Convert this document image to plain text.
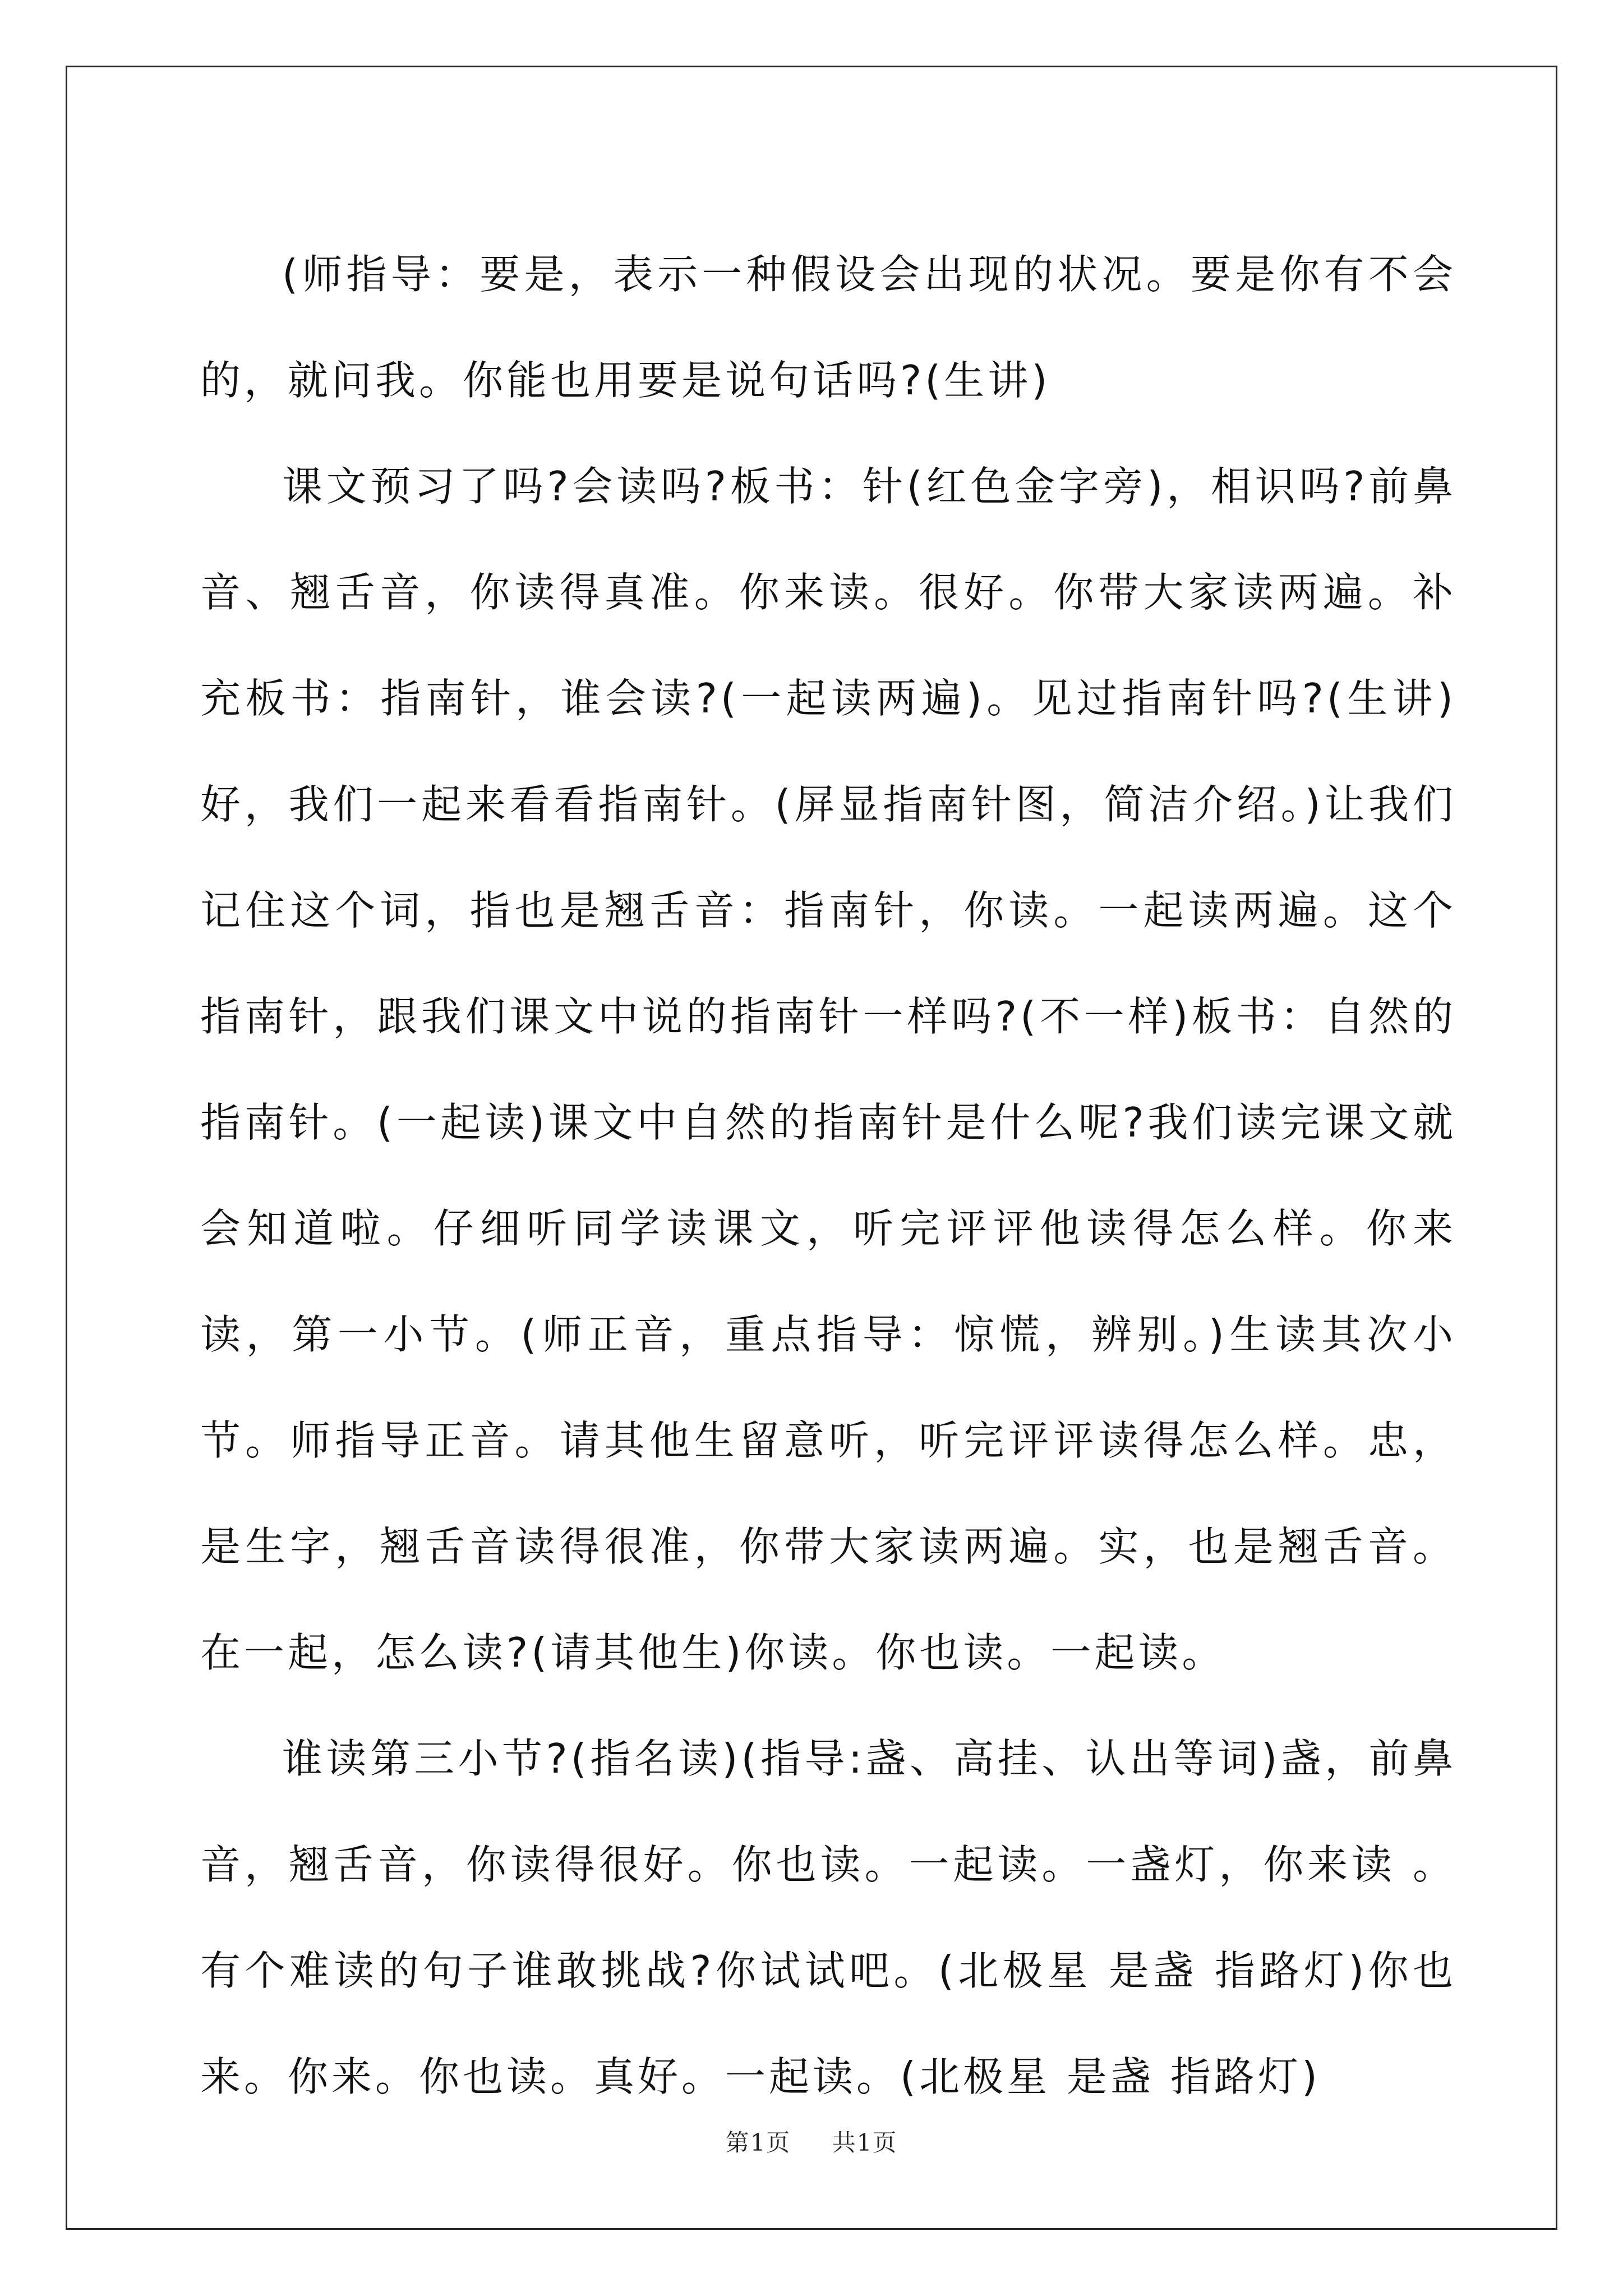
(师指导：要是，表示一种假设会出现的状况。要是你有不会的，就问我。你能也用要是说句话吗?(生讲)

课文预习了吗?会读吗?板书：针(红色金字旁)，相识吗?前鼻音、翘舌音，你读得真准。你来读。很好。你带大家读两遍。补充板书：指南针，谁会读?(一起读两遍)。见过指南针吗?(生讲)好，我们一起来看看指南针。(屏显指南针图，简洁介绍。)让我们记住这个词，指也是翘舌音：指南针，你读。一起读两遍。这个指南针，跟我们课文中说的指南针一样吗?(不一样)板书：自然的指南针。(一起读)课文中自然的指南针是什么呢?我们读完课文就会知道啦。仔细听同学读课文，听完评评他读得怎么样。你来读，第一小节。(师正音，重点指导：惊慌，辨别。)生读其次小节。师指导正音。请其他生留意听，听完评评读得怎么样。忠，是生字，翘舌音读得很准，你带大家读两遍。实，也是翘舌音。在一起，怎么读?(请其他生)你读。你也读。一起读。

谁读第三小节?(指名读)(指导:盏、高挂、认出等词)盏，前鼻音，翘舌音，你读得很好。你也读。一起读。一盏灯，你来读 。有个难读的句子谁敢挑战?你试试吧。(北极星 是盏 指路灯)你也来。你来。你也读。真好。一起读。(北极星 是盏 指路灯)

第1页 共1页
